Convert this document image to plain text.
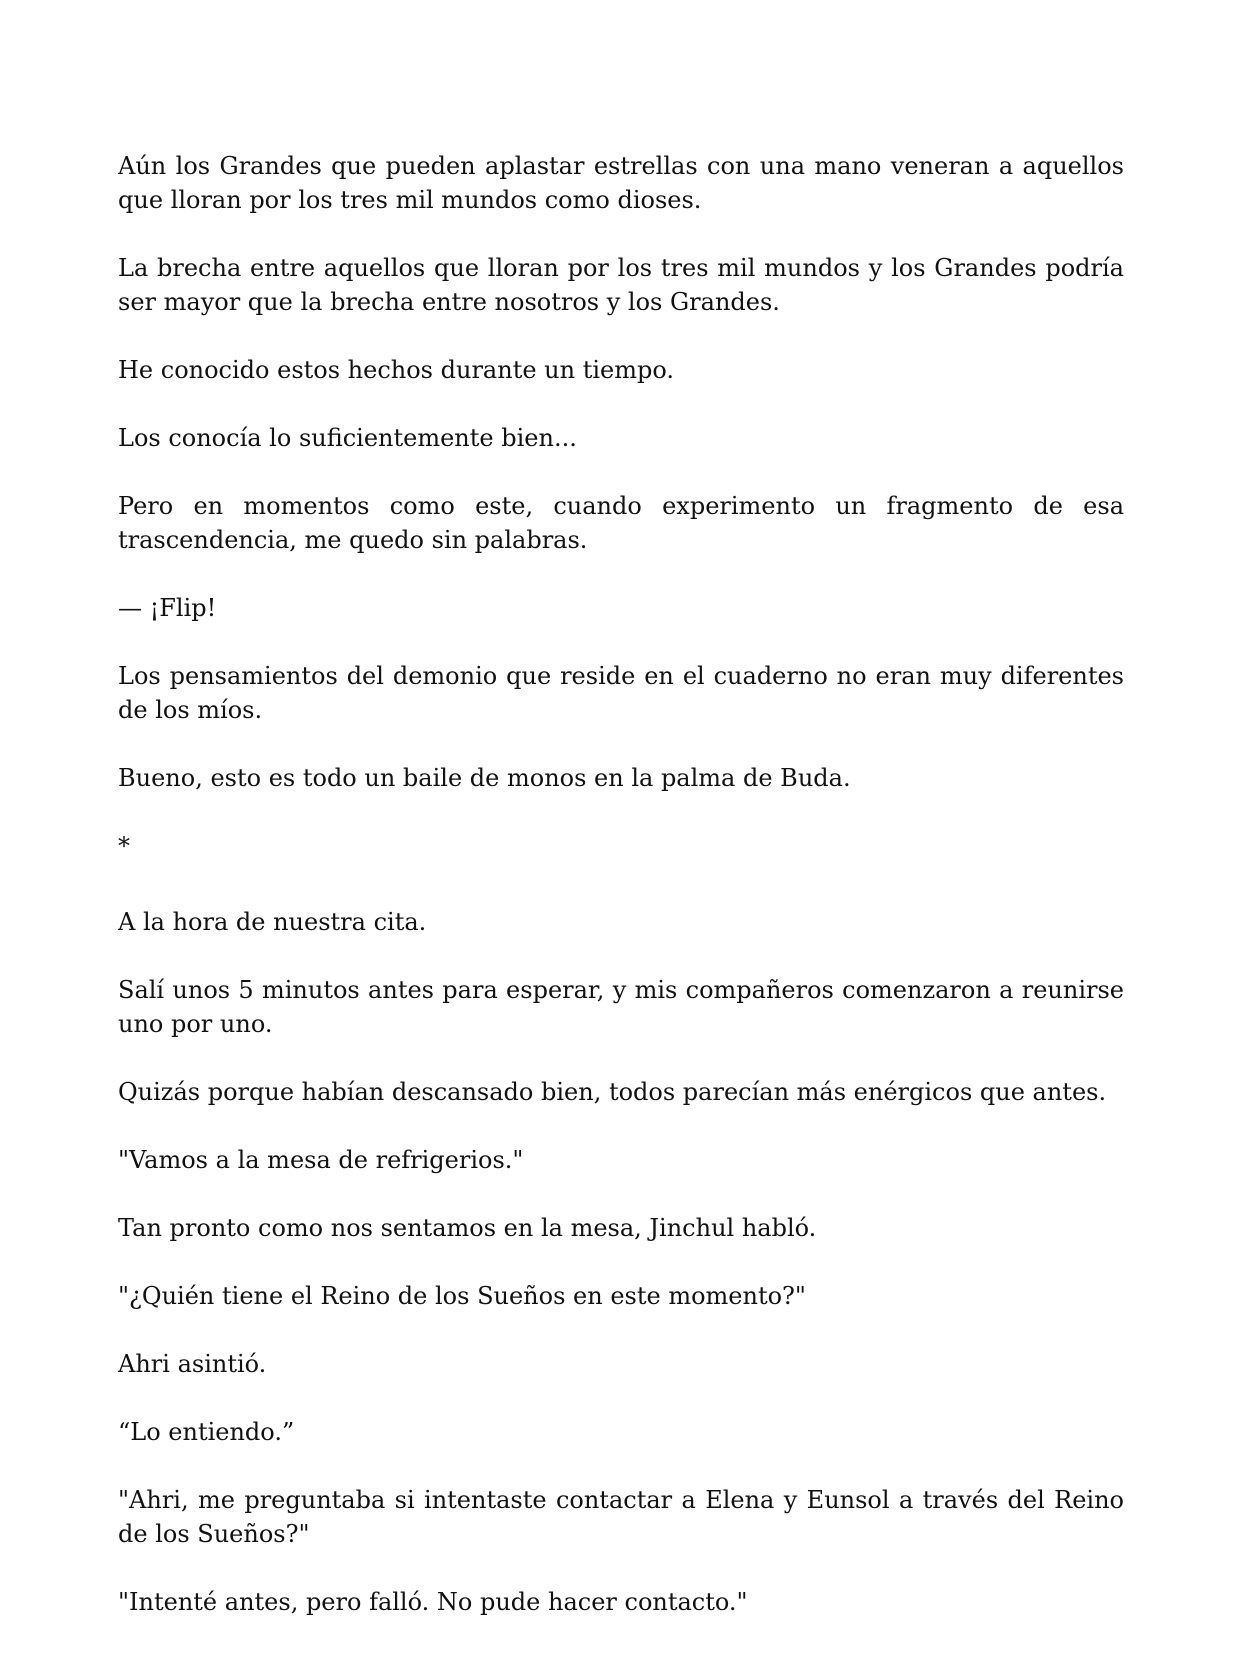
Aún los Grandes que pueden aplastar estrellas con una mano veneran a aquellos que lloran por los tres mil mundos como dioses.

La brecha entre aquellos que lloran por los tres mil mundos y los Grandes podría ser mayor que la brecha entre nosotros y los Grandes.

He conocido estos hechos durante un tiempo.

Los conocía lo suficientemente bien...

Pero en momentos como este, cuando experimento un fragmento de esa trascendencia, me quedo sin palabras.

— ¡Flip!

Los pensamientos del demonio que reside en el cuaderno no eran muy diferentes de los míos.

Bueno, esto es todo un baile de monos en la palma de Buda.

*

A la hora de nuestra cita.

Salí unos 5 minutos antes para esperar, y mis compañeros comenzaron a reunirse uno por uno.

Quizás porque habían descansado bien, todos parecían más enérgicos que antes.

"Vamos a la mesa de refrigerios."

Tan pronto como nos sentamos en la mesa, Jinchul habló.

"¿Quién tiene el Reino de los Sueños en este momento?"

Ahri asintió.

“Lo entiendo.”

"Ahri, me preguntaba si intentaste contactar a Elena y Eunsol a través del Reino de los Sueños?"

"Intenté antes, pero falló. No pude hacer contacto."
